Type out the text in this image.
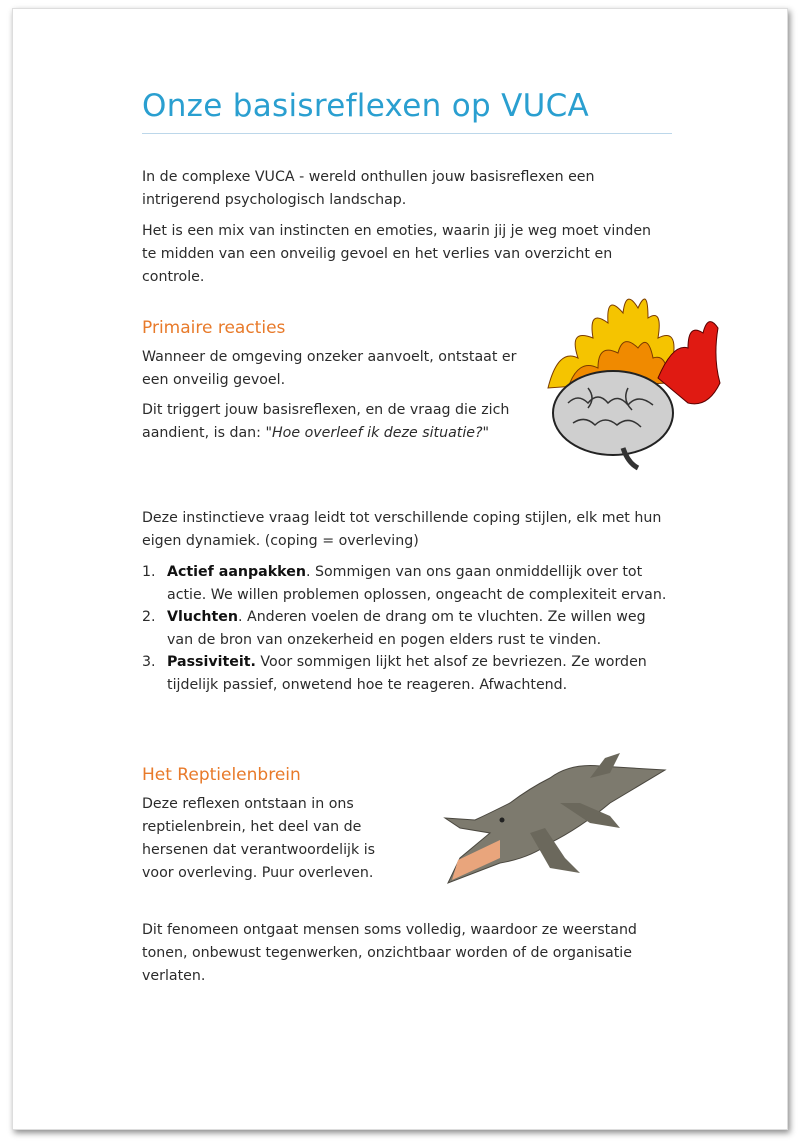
Onze basisreflexen op VUCA

In de complexe VUCA - wereld onthullen jouw basisreflexen een intrigerend psychologisch landschap.

Het is een mix van instincten en emoties, waarin jij je weg moet vinden te midden van een onveilig gevoel en het verlies van overzicht en controle.

Primaire reacties

Wanneer de omgeving onzeker aanvoelt, ontstaat er een onveilig gevoel.

Dit triggert jouw basisreflexen, en de vraag die zich aandient, is dan: "Hoe overleef ik deze situatie?"

Deze instinctieve vraag leidt tot verschillende coping stijlen, elk met hun eigen dynamiek. (coping = overleving)

1. Actief aanpakken. Sommigen van ons gaan onmiddellijk over tot actie. We willen problemen oplossen, ongeacht de complexiteit ervan.
2. Vluchten. Anderen voelen de drang om te vluchten. Ze willen weg van de bron van onzekerheid en pogen elders rust te vinden.
3. Passiviteit. Voor sommigen lijkt het alsof ze bevriezen. Ze worden tijdelijk passief, onwetend hoe te reageren. Afwachtend.
Het Reptielenbrein

Deze reflexen ontstaan in ons reptielenbrein, het deel van de hersenen dat verantwoordelijk is voor overleving. Puur overleven.

Dit fenomeen ontgaat mensen soms volledig, waardoor ze weerstand tonen, onbewust tegenwerken, onzichtbaar worden of de organisatie verlaten.
